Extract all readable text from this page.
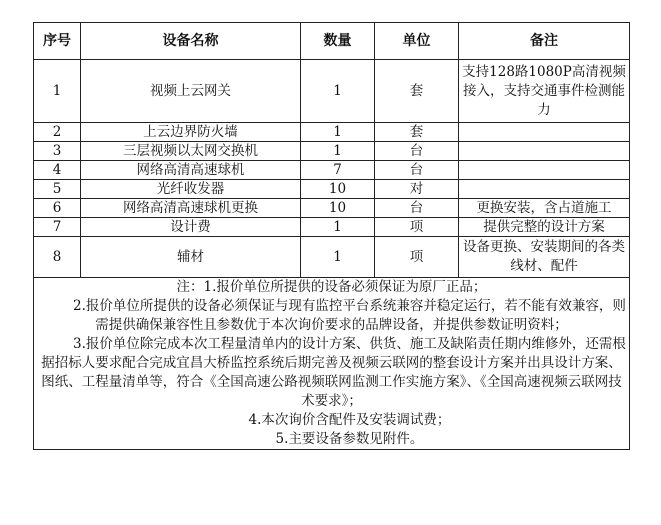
序号	设备名称	数量	单位	备注
1	视频上云网关	1	套	支持128路1080P高清视频接入，支持交通事件检测能力
2	上云边界防火墙	1	套	
3	三层视频以太网交换机	1	台	
4	网络高清高速球机	7	台	
5	光纤收发器	10	对	
6	网络高清高速球机更换	10	台	更换安装，含占道施工
7	设计费	1	项	提供完整的设计方案
8	辅材	1	项	设备更换、安装期间的各类线材、配件

注：1.报价单位所提供的设备必须保证为原厂正品；
2.报价单位所提供的设备必须保证与现有监控平台系统兼容并稳定运行，若不能有效兼容，则需提供确保兼容性且参数优于本次询价要求的品牌设备，并提供参数证明资料；
3.报价单位除完成本次工程量清单内的设计方案、供货、施工及缺陷责任期内维修外，还需根据招标人要求配合完成宜昌大桥监控系统后期完善及视频云联网的整套设计方案并出具设计方案、图纸、工程量清单等，符合《全国高速公路视频联网监测工作实施方案》、《全国高速视频云联网技术要求》；
4.本次询价含配件及安装调试费；
5.主要设备参数见附件。				
